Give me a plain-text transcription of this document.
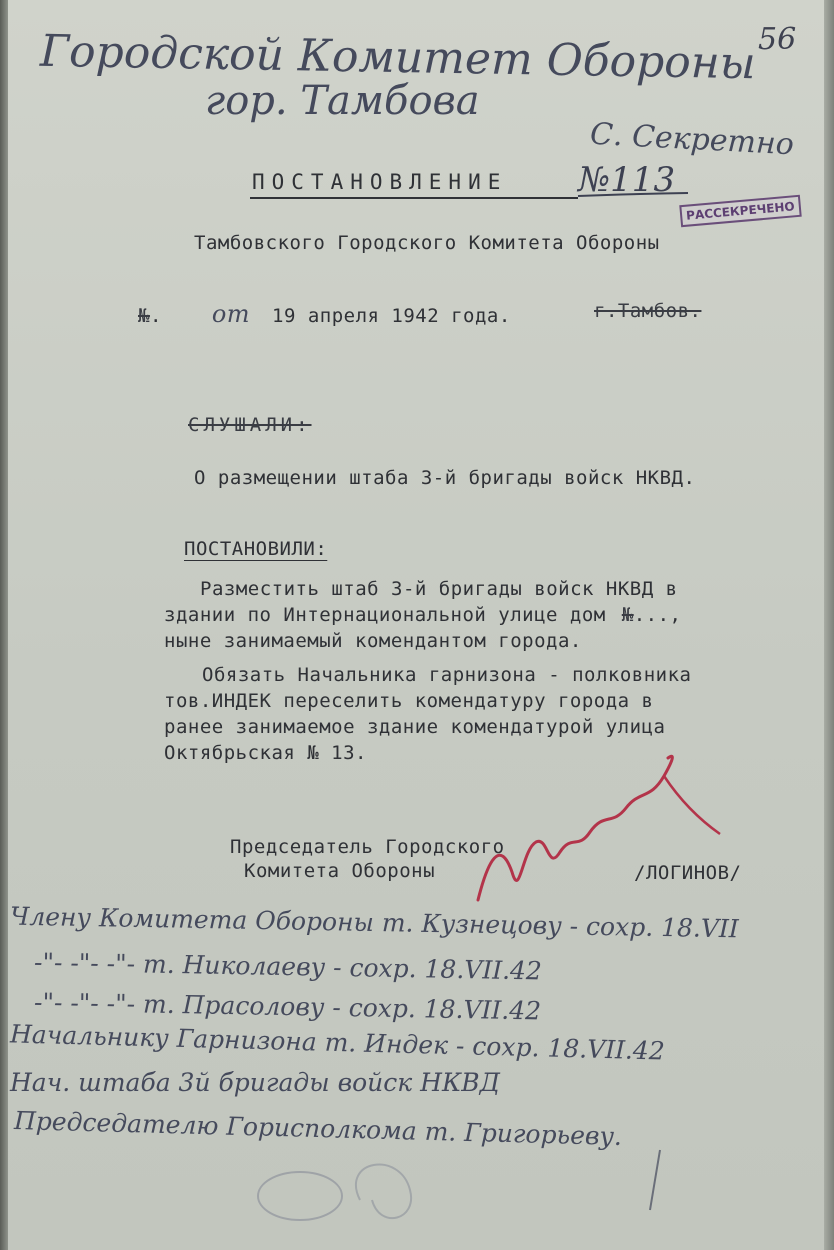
Городской Комитет Обороны
гор. Тамбова
С. Секретно
56
ПОСТАНОВЛЕНИЕ №113
РАССЕКРЕЧЕНО
Тамбовского Городского Комитета Обороны
№. от 19 апреля 1942 года.	г.Тамбов.
СЛУШАЛИ:
О размещении штаба 3-й бригады войск НКВД.
ПОСТАНОВИЛИ:
Разместить штаб 3-й бригады войск НКВД в
здании по Интернациональной улице дом №...,
ныне занимаемый комендантом города.
Обязать Начальника гарнизона - полковника
тов.ИНДЕК переселить комендатуру города в
ранее занимаемое здание комендатурой улица
Октябрьская № 13.
Председатель Городского
Комитета Обороны	/ЛОГИНОВ/
Члену Комитета Обороны т. Кузнецову - сохр. 18.VII
-"- -"- -"- т. Николаеву - сохр. 18.VII.42
-"- -"- -"- т. Прасолову - сохр. 18.VII.42
Начальнику Гарнизона т. Индек - сохр. 18.VII.42
Нач. штаба 3й бригады войск НКВД
Председателю Горисполкома т. Григорьеву.
